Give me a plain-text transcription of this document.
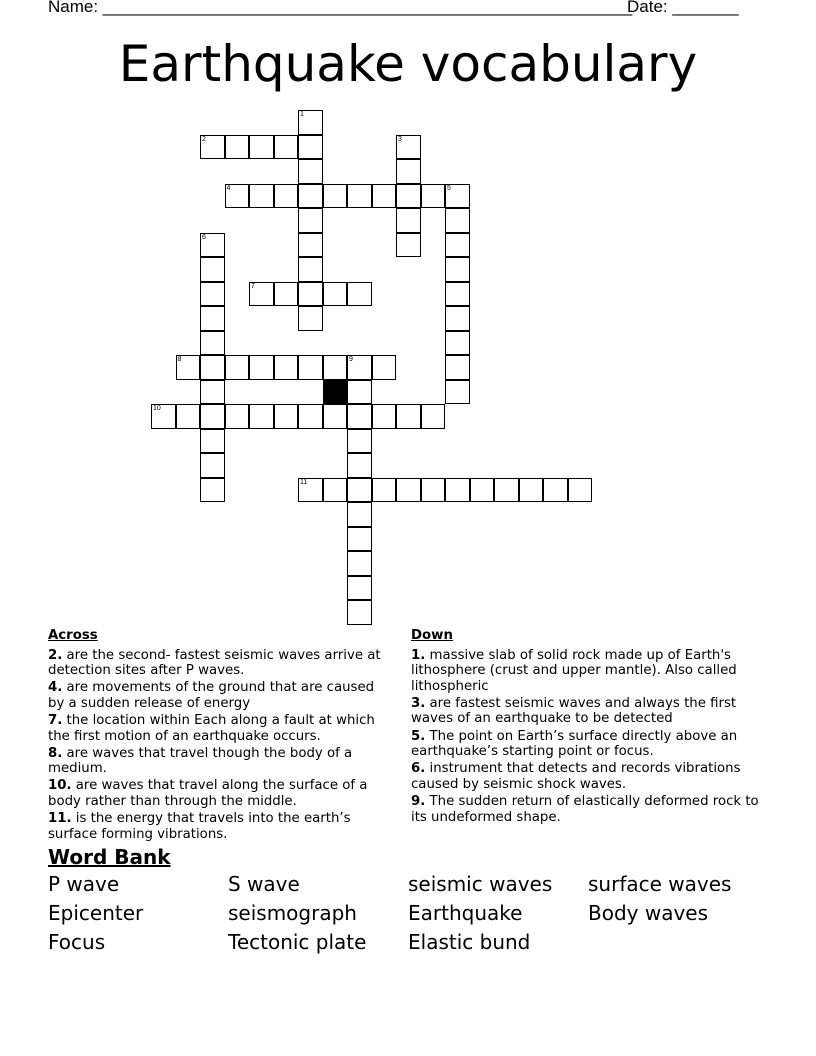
Name: ________________________________________________________
Date: _______
Earthquake vocabulary
1
2	3
4	5
6
7
8	9
10
11
Across
2. are the second- fastest seismic waves arrive at detection sites after P waves.
4. are movements of the ground that are caused by a sudden release of energy
7. the location within Each along a fault at which the first motion of an earthquake occurs.
8. are waves that travel though the body of a medium.
10. are waves that travel along the surface of a body rather than through the middle.
11. is the energy that travels into the earth’s surface forming vibrations.
Down
1. massive slab of solid rock made up of Earth's lithosphere (crust and upper mantle). Also called lithospheric
3. are fastest seismic waves and always the first waves of an earthquake to be detected
5. The point on Earth’s surface directly above an earthquake’s starting point or focus.
6. instrument that detects and records vibrations caused by seismic shock waves.
9. The sudden return of elastically deformed rock to its undeformed shape.
Word Bank
P wave	S wave	seismic waves	surface waves
Epicenter	seismograph	Earthquake	Body waves
Focus	Tectonic plate	Elastic bund
